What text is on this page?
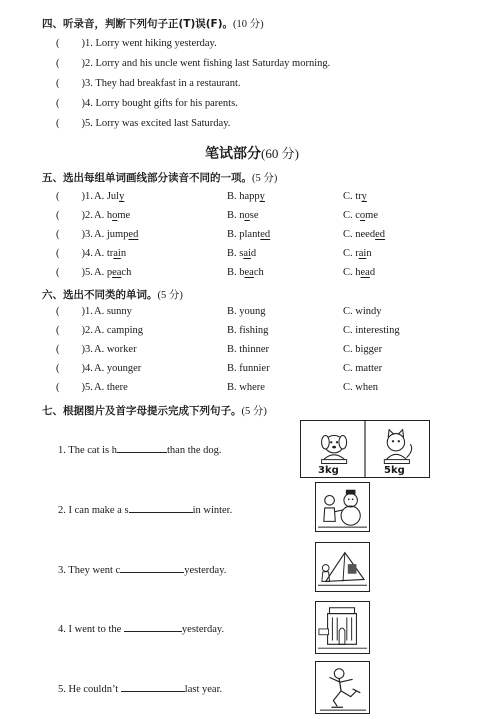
四、听录音，判断下列句子正(T)误(F)。(10 分)
( )1. Lorry went hiking yesterday.
( )2. Lorry and his uncle went fishing last Saturday morning.
( )3. They had breakfast in a restaurant.
( )4. Lorry bought gifts for his parents.
( )5. Lorry was excited last Saturday.
笔试部分(60 分)
五、选出每组单词画线部分读音不同的一项。(5 分)
( )1. A. July	B. happy	C. try
( )2. A. home	B. nose	C. come
( )3. A. jumped	B. planted	C. needed
( )4. A. train	B. said	C. rain
( )5. A. peach	B. beach	C. head
六、选出不同类的单词。(5 分)
( )1. A. sunny	B. young	C. windy
( )2. A. camping	B. fishing	C. interesting
( )3. A. worker	B. thinner	C. bigger
( )4. A. younger	B. funnier	C. matter
( )5. A. there	B. where	C. when
七、根据图片及首字母提示完成下列句子。(5 分)
1. The cat is h	than the dog.
2. I can make a s	in winter.
3. They went c	yesterday.
4. I went to the	yesterday.
5. He couldn’t	last year.
3kg	5kg
